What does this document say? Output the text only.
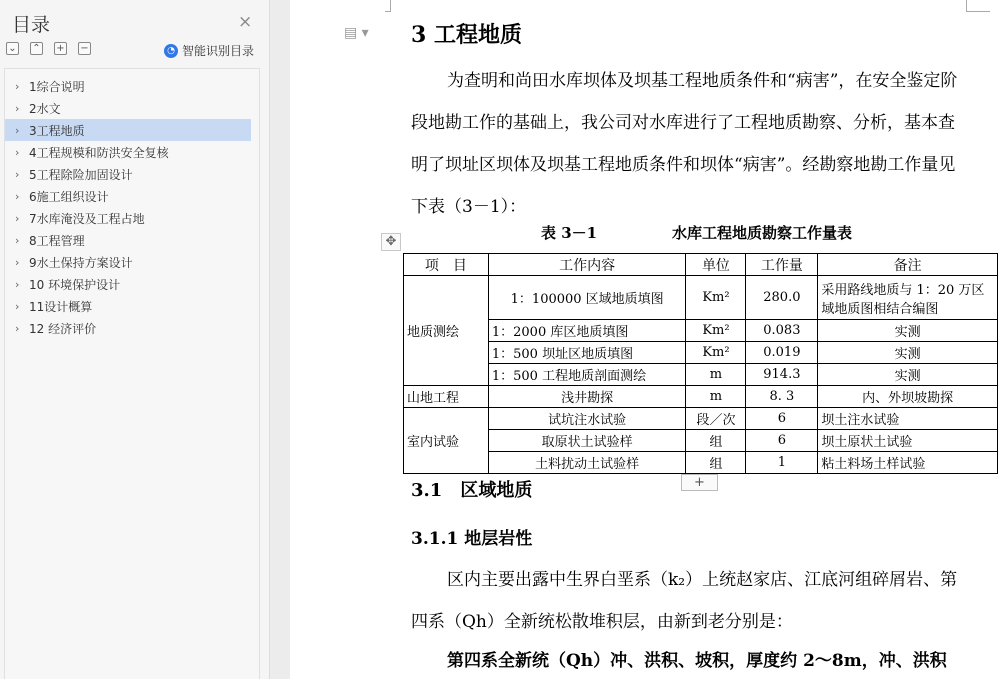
目录	×
⌄ ⌃ + −	◔ 智能识别目录
› 1综合说明
› 2水文
› 3工程地质
› 4工程规模和防洪安全复核
› 5工程除险加固设计
› 6施工组织设计
› 7水库淹没及工程占地
› 8工程管理
› 9水土保持方案设计
› 10 环境保护设计
› 11设计概算
› 12 经济评价
▤ ▾ 3 工程地质
为查明和尚田水库坝体及坝基工程地质条件和“病害”，在安全鉴定阶段地勘工作的基础上，我公司对水库进行了工程地质勘察、分析，基本查明了坝址区坝体及坝基工程地质条件和坝体“病害”。经勘察地勘工作量见下表（3－1）：
表 3－1	水库工程地质勘察工作量表
✥
项　目	工作内容	单位	工作量	备注
地质测绘	1：100000 区域地质填图	Km²	280.0	采用路线地质与 1：20 万区域地质图相结合编图
	1：2000 库区地质填图	Km²	0.083	实测
	1：500 坝址区地质填图	Km²	0.019	实测
	1：500 工程地质剖面测绘	m	914.3	实测
山地工程	浅井勘探	m	8. 3	内、外坝坡勘探
室内试验	试坑注水试验	段／次	6	坝土注水试验
	取原状土试验样	组	6	坝土原状土试验
	土料扰动土试验样	组	1	粘土料场土样试验
+
3.1　区域地质
3.1.1 地层岩性
区内主要出露中生界白垩系（k₂）上统赵家店、江底河组碎屑岩、第四系（Qh）全新统松散堆积层，由新到老分别是：
第四系全新统（Qh）冲、洪积、坡积，厚度约 2～8m，冲、洪积
